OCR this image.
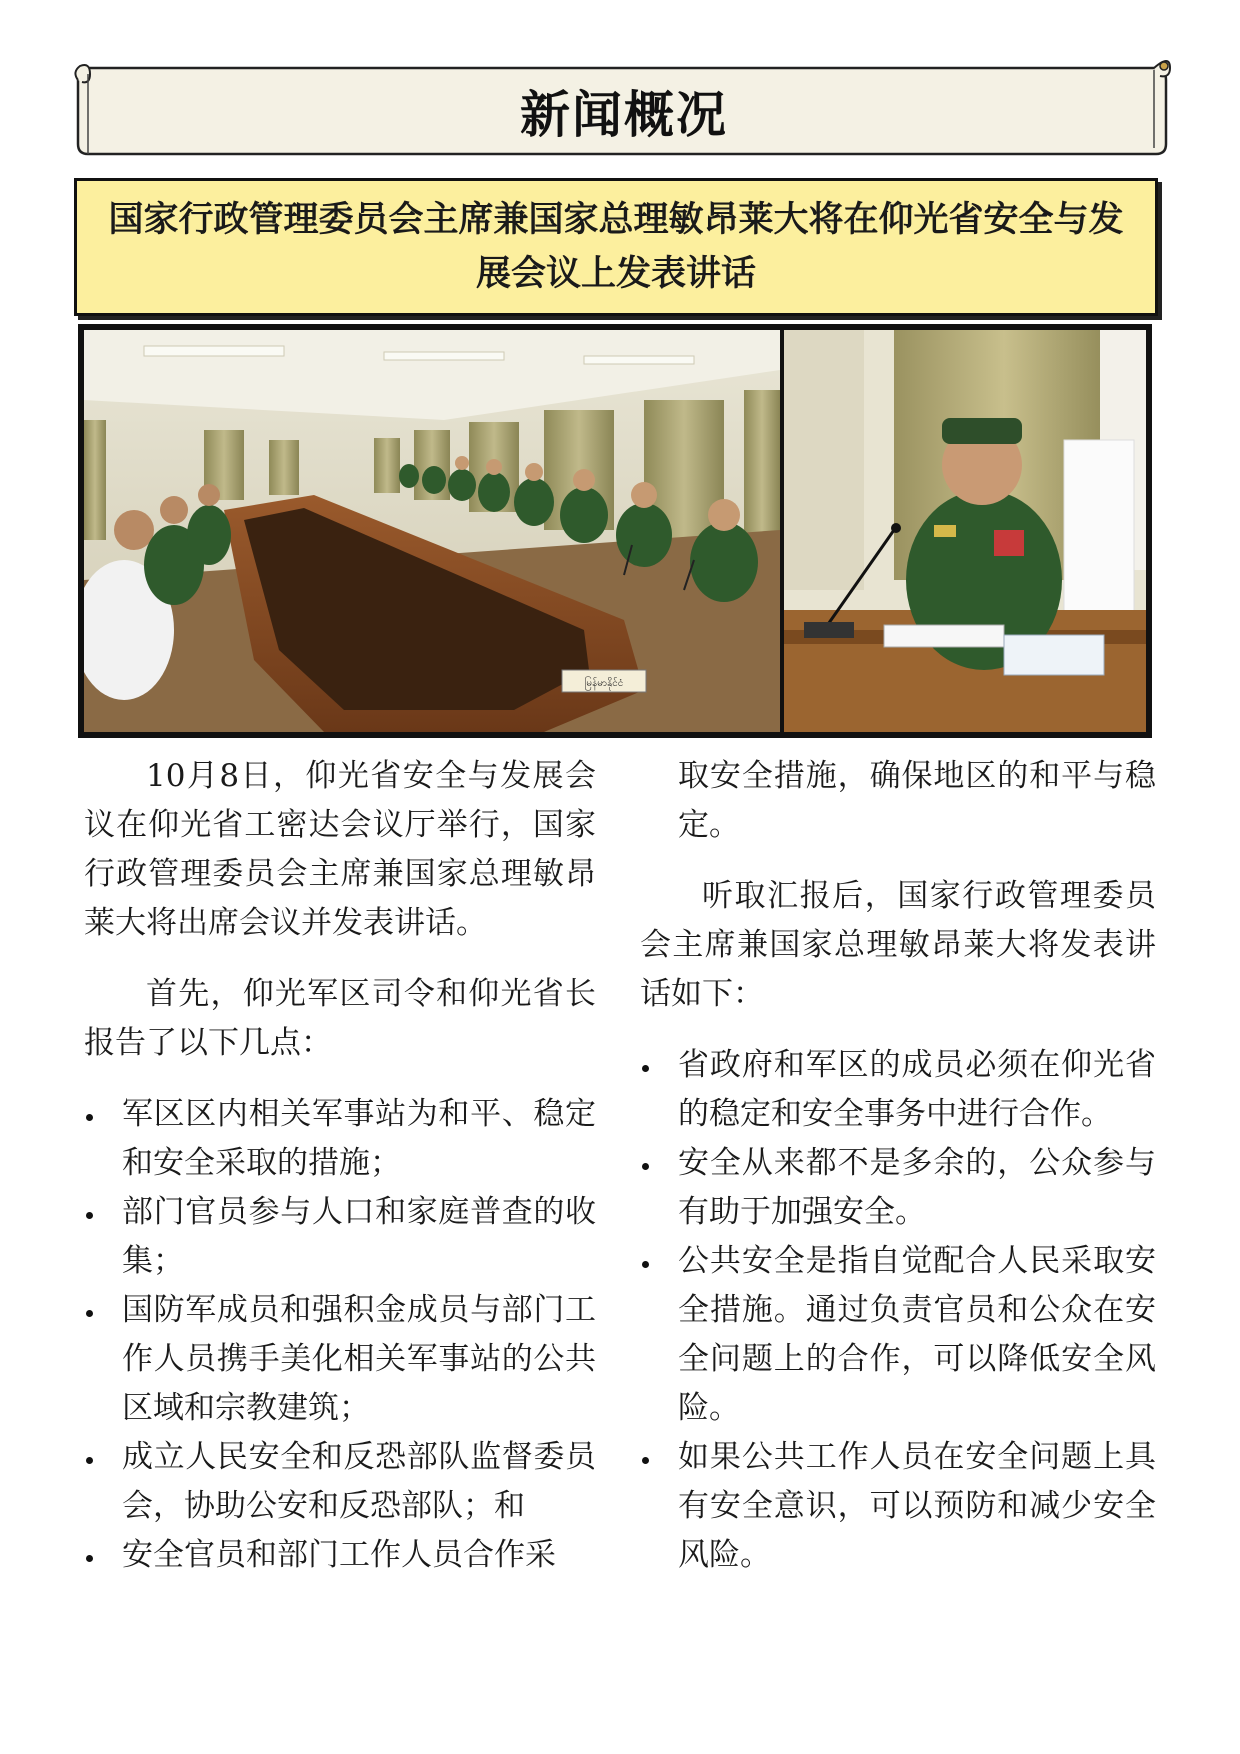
新闻概况
国家行政管理委员会主席兼国家总理敏昂莱大将在仰光省安全与发展会议上发表讲话
မြန်မာနိုင်ငံ

10月8日，仰光省安全与发展会议在仰光省工密达会议厅举行，国家行政管理委员会主席兼国家总理敏昂莱大将出席会议并发表讲话。

首先，仰光军区司令和仰光省长报告了以下几点：

军区区内相关军事站为和平、稳定和安全采取的措施；
部门官员参与人口和家庭普查的收集；
国防军成员和强积金成员与部门工作人员携手美化相关军事站的公共区域和宗教建筑；
成立人民安全和反恐部队监督委员会，协助公安和反恐部队；和
安全官员和部门工作人员合作采

取安全措施，确保地区的和平与稳定。

听取汇报后，国家行政管理委员会主席兼国家总理敏昂莱大将发表讲话如下：

省政府和军区的成员必须在仰光省的稳定和安全事务中进行合作。
安全从来都不是多余的，公众参与有助于加强安全。
公共安全是指自觉配合人民采取安全措施。通过负责官员和公众在安全问题上的合作，可以降低安全风险。
如果公共工作人员在安全问题上具有安全意识，可以预防和减少安全风险。
